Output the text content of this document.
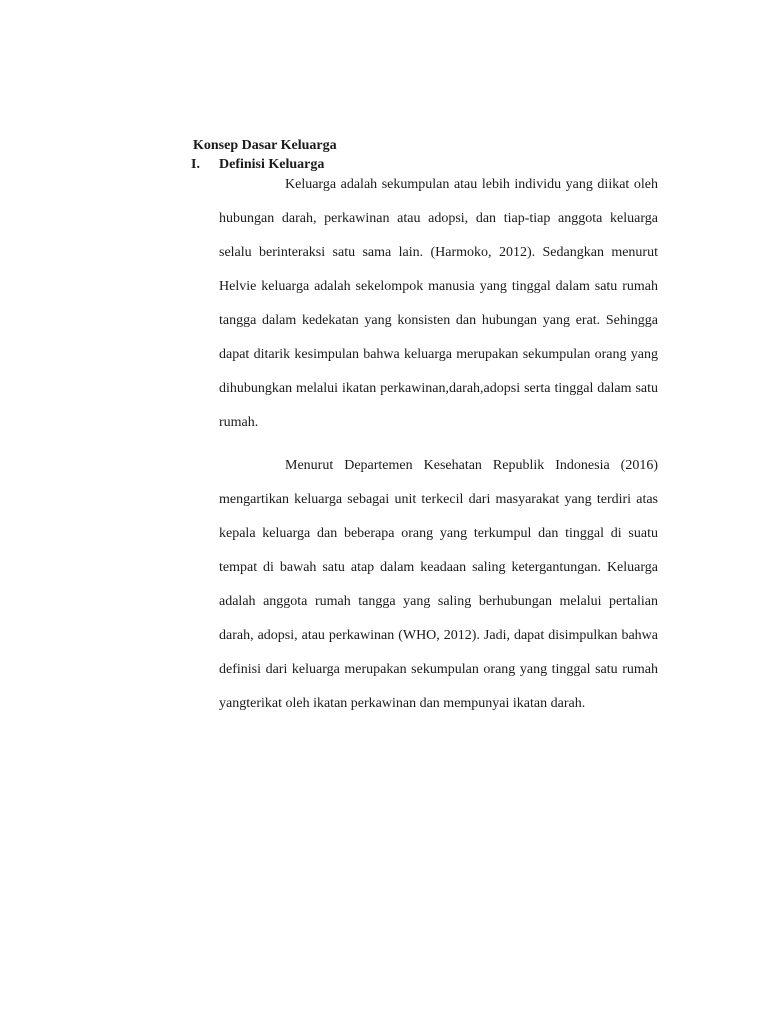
Konsep Dasar Keluarga
I. Definisi Keluarga

Keluarga adalah sekumpulan atau lebih individu yang diikat oleh hubungan darah, perkawinan atau adopsi, dan tiap-tiap anggota keluarga selalu berinteraksi satu sama lain. (Harmoko, 2012). Sedangkan menurut Helvie keluarga adalah sekelompok manusia yang tinggal dalam satu rumah tangga dalam kedekatan yang konsisten dan hubungan yang erat. Sehingga dapat ditarik kesimpulan bahwa keluarga merupakan sekumpulan orang yang dihubungkan melalui ikatan perkawinan,darah,adopsi serta tinggal dalam satu rumah.

Menurut Departemen Kesehatan Republik Indonesia (2016) mengartikan keluarga sebagai unit terkecil dari masyarakat yang terdiri atas kepala keluarga dan beberapa orang yang terkumpul dan tinggal di suatu tempat di bawah satu atap dalam keadaan saling ketergantungan. Keluarga adalah anggota rumah tangga yang saling berhubungan melalui pertalian darah, adopsi, atau perkawinan (WHO, 2012). Jadi, dapat disimpulkan bahwa definisi dari keluarga merupakan sekumpulan orang yang tinggal satu rumah yangterikat oleh ikatan perkawinan dan mempunyai ikatan darah.
